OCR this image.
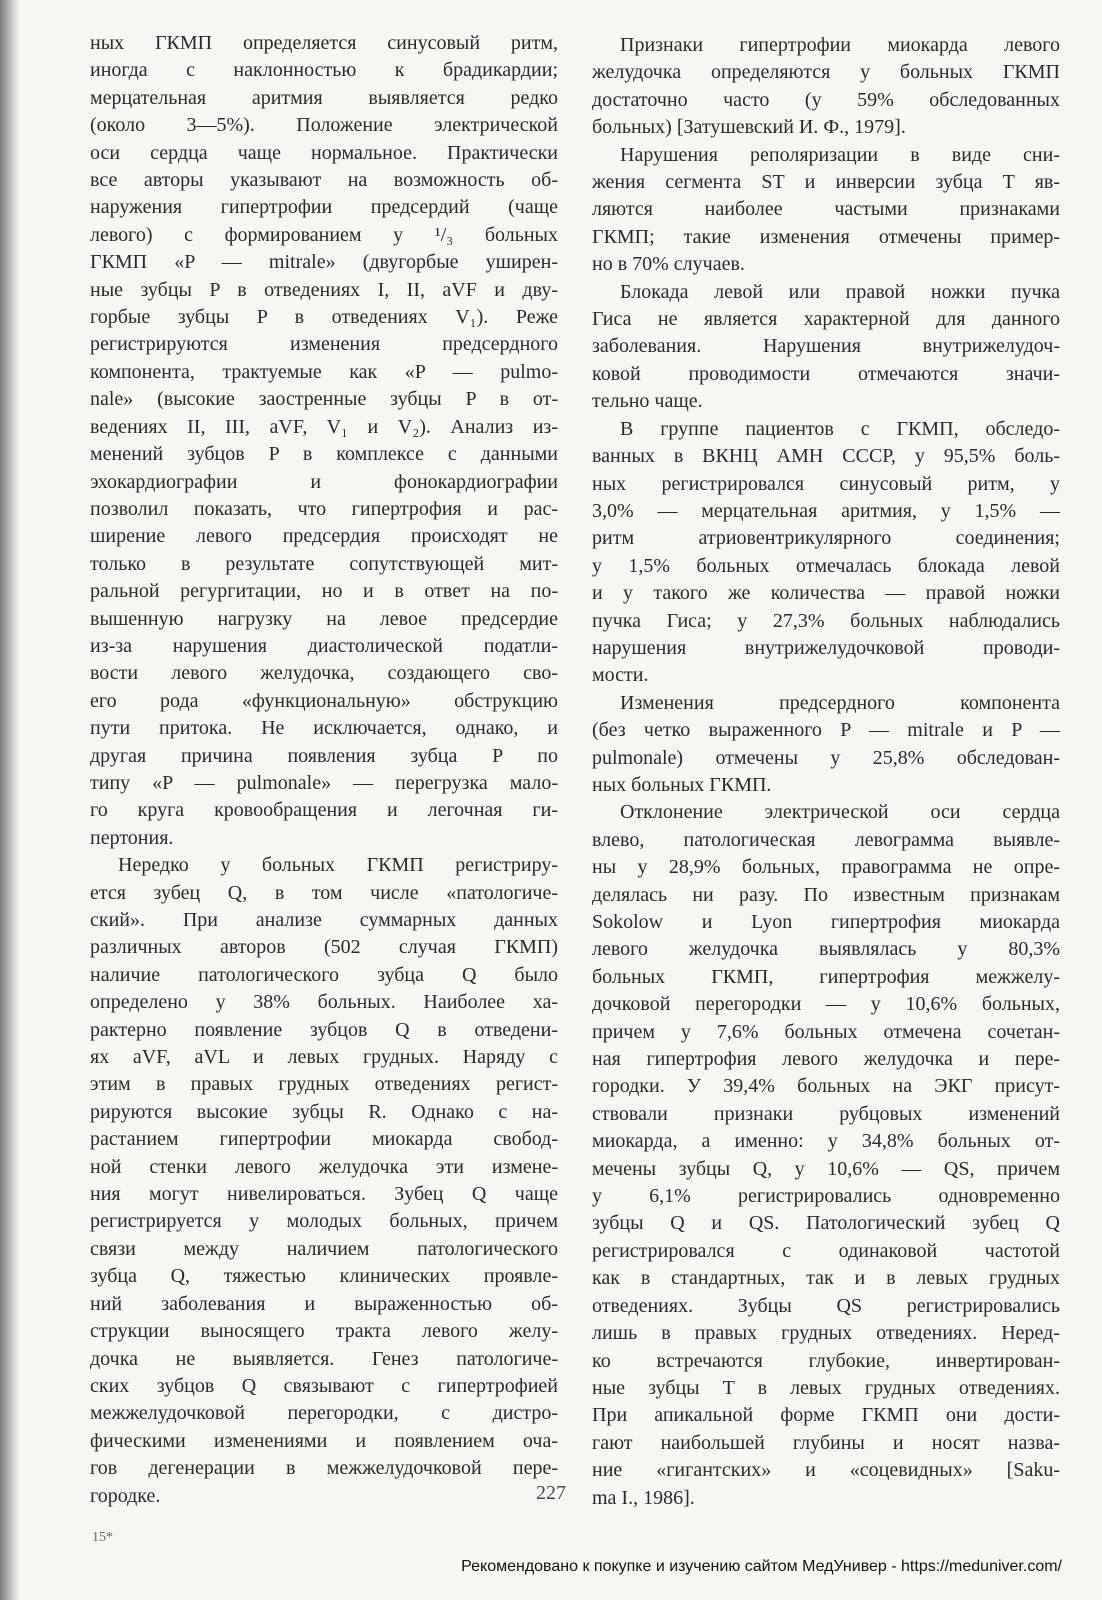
ных ГКМП определяется синусовый ритм,

иногда с наклонностью к брадикардии;

мерцательная аритмия выявляется редко

(около 3—5%). Положение электрической

оси сердца чаще нормальное. Практически

все авторы указывают на возможность об-

наружения гипертрофии предсердий (чаще

левого) с формированием у ¹/₃ больных

ГКМП «P — mitrale» (двугорбые уширен-

ные зубцы P в отведениях I, II, aVF и дву-

горбые зубцы P в отведениях V₁). Реже

регистрируются изменения предсердного

компонента, трактуемые как «P — pulmo-

nale» (высокие заостренные зубцы P в от-

ведениях II, III, aVF, V₁ и V₂). Анализ из-

менений зубцов P в комплексе с данными

эхокардиографии и фонокардиографии

позволил показать, что гипертрофия и рас-

ширение левого предсердия происходят не

только в результате сопутствующей мит-

ральной регургитации, но и в ответ на по-

вышенную нагрузку на левое предсердие

из-за нарушения диастолической податли-

вости левого желудочка, создающего сво-

его рода «функциональную» обструкцию

пути притока. Не исключается, однако, и

другая причина появления зубца P по

типу «P — pulmonale» — перегрузка мало-

го круга кровообращения и легочная ги-

пертония.

Нередко у больных ГКМП регистриру-

ется зубец Q, в том числе «патологиче-

ский». При анализе суммарных данных

различных авторов (502 случая ГКМП)

наличие патологического зубца Q было

определено у 38% больных. Наиболее ха-

рактерно появление зубцов Q в отведени-

ях aVF, aVL и левых грудных. Наряду с

этим в правых грудных отведениях регист-

рируются высокие зубцы R. Однако с на-

растанием гипертрофии миокарда свобод-

ной стенки левого желудочка эти измене-

ния могут нивелироваться. Зубец Q чаще

регистрируется у молодых больных, причем

связи между наличием патологического

зубца Q, тяжестью клинических проявле-

ний заболевания и выраженностью об-

струкции выносящего тракта левого желу-

дочка не выявляется. Генез патологиче-

ских зубцов Q связывают с гипертрофией

межжелудочковой перегородки, с дистро-

фическими изменениями и появлением оча-

гов дегенерации в межжелудочковой пере-

городке.

Признаки гипертрофии миокарда левого

желудочка определяются у больных ГКМП

достаточно часто (у 59% обследованных

больных) [Затушевский И. Ф., 1979].

Нарушения реполяризации в виде сни-

жения сегмента ST и инверсии зубца T яв-

ляются наиболее частыми признаками

ГКМП; такие изменения отмечены пример-

но в 70% случаев.

Блокада левой или правой ножки пучка

Гиса не является характерной для данного

заболевания. Нарушения внутрижелудоч-

ковой проводимости отмечаются значи-

тельно чаще.

В группе пациентов с ГКМП, обследо-

ванных в ВКНЦ АМН СССР, у 95,5% боль-

ных регистрировался синусовый ритм, у

3,0% — мерцательная аритмия, у 1,5% —

ритм атриовентрикулярного соединения;

у 1,5% больных отмечалась блокада левой

и у такого же количества — правой ножки

пучка Гиса; у 27,3% больных наблюдались

нарушения внутрижелудочковой проводи-

мости.

Изменения предсердного компонента

(без четко выраженного P — mitrale и P —

pulmonale) отмечены у 25,8% обследован-

ных больных ГКМП.

Отклонение электрической оси сердца

влево, патологическая левограмма выявле-

ны у 28,9% больных, правограмма не опре-

делялась ни разу. По известным признакам

Sokolow и Lyon гипертрофия миокарда

левого желудочка выявлялась у 80,3%

больных ГКМП, гипертрофия межжелу-

дочковой перегородки — у 10,6% больных,

причем у 7,6% больных отмечена сочетан-

ная гипертрофия левого желудочка и пере-

городки. У 39,4% больных на ЭКГ присут-

ствовали признаки рубцовых изменений

миокарда, а именно: у 34,8% больных от-

мечены зубцы Q, у 10,6% — QS, причем

у 6,1% регистрировались одновременно

зубцы Q и QS. Патологический зубец Q

регистрировался с одинаковой частотой

как в стандартных, так и в левых грудных

отведениях. Зубцы QS регистрировались

лишь в правых грудных отведениях. Неред-

ко встречаются глубокие, инвертирован-

ные зубцы T в левых грудных отведениях.

При апикальной форме ГКМП они дости-

гают наибольшей глубины и носят назва-

ние «гигантских» и «соцевидных» [Saku-

ma I., 1986].

227
15*
Рекомендовано к покупке и изучению сайтом МедУнивер - https://meduniver.com/
